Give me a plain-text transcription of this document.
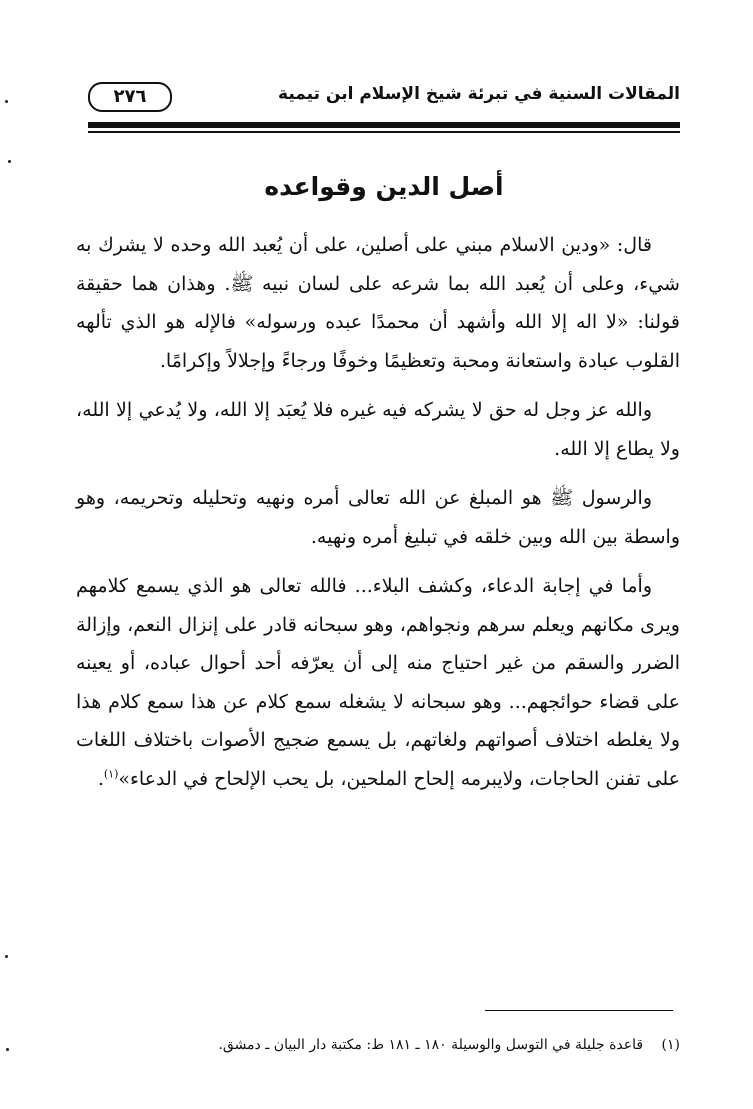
المقالات السنية في تبرئة شيخ الإسلام ابن تيمية
٢٧٦
أصل الدين وقواعده

قال: «ودين الاسلام مبني على أصلين، على أن يُعبد الله وحده لا يشرك به شيء، وعلى أن يُعبد الله بما شرعه على لسان نبيه ﷺ. وهذان هما حقيقة قولنا: «لا اله إلا الله وأشهد أن محمدًا عبده ورسوله» فالإله هو الذي تألهه القلوب عبادة واستعانة ومحبة وتعظيمًا وخوفًا ورجاءً وإجلالاً وإكرامًا.

والله عز وجل له حق لا يشركه فيه غيره فلا يُعبَد إلا الله، ولا يُدعي إلا الله، ولا يطاع إلا الله.

والرسول ﷺ هو المبلغ عن الله تعالى أمره ونهيه وتحليله وتحريمه، وهو واسطة بين الله وبين خلقه في تبليغ أمره ونهيه.

وأما في إجابة الدعاء، وكشف البلاء... فالله تعالى هو الذي يسمع كلامهم ويرى مكانهم ويعلم سرهم ونجواهم، وهو سبحانه قادر على إنزال النعم، وإزالة الضرر والسقم من غير احتياج منه إلى أن يعرّفه أحد أحوال عباده، أو يعينه على قضاء حوائجهم... وهو سبحانه لا يشغله سمع كلام عن هذا سمع كلام هذا ولا يغلطه اختلاف أصواتهم ولغاتهم، بل يسمع ضجيج الأصوات باختلاف اللغات على تفنن الحاجات، ولايبرمه إلحاح الملحين، بل يحب الإلحاح في الدعاء»$^{(١)}$.

(١) قاعدة جليلة في التوسل والوسيلة ١٨٠ ـ ١٨١ ط: مكتبة دار البيان ـ دمشق.
